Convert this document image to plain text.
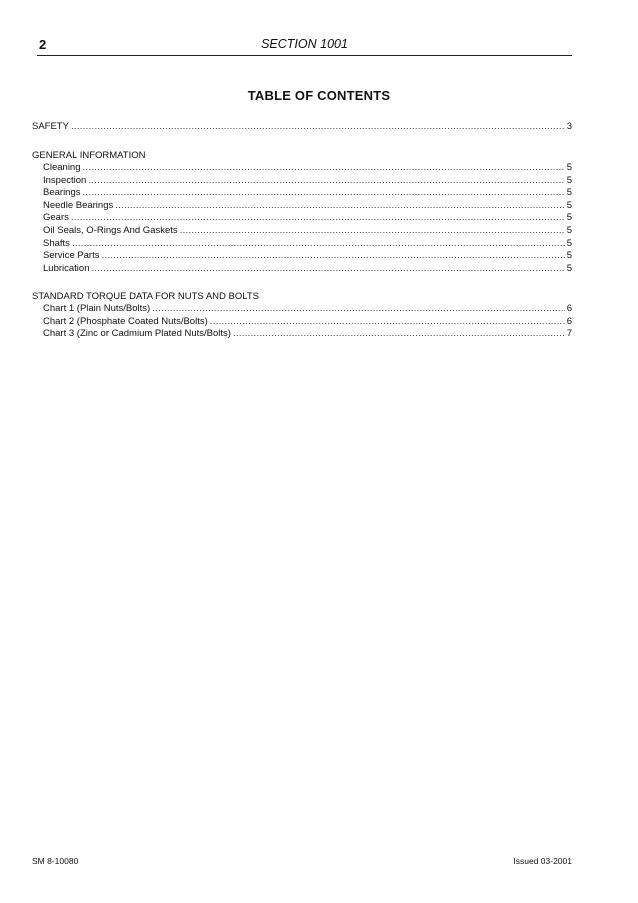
2	SECTION 1001
TABLE OF CONTENTS
SAFETY .....	3
GENERAL INFORMATION
Cleaning .....	5
Inspection .....	5
Bearings .....	5
Needle Bearings .....	5
Gears .....	5
Oil Seals, O-Rings And Gaskets .....	5
Shafts .....	5
Service Parts .....	5
Lubrication .....	5
STANDARD TORQUE DATA FOR NUTS AND BOLTS
Chart 1 (Plain Nuts/Bolts) .....	6
Chart 2 (Phosphate Coated Nuts/Bolts) .....	6
Chart 3 (Zinc or Cadmium Plated Nuts/Bolts) .....	7
SM 8-10080	Issued 03-2001
